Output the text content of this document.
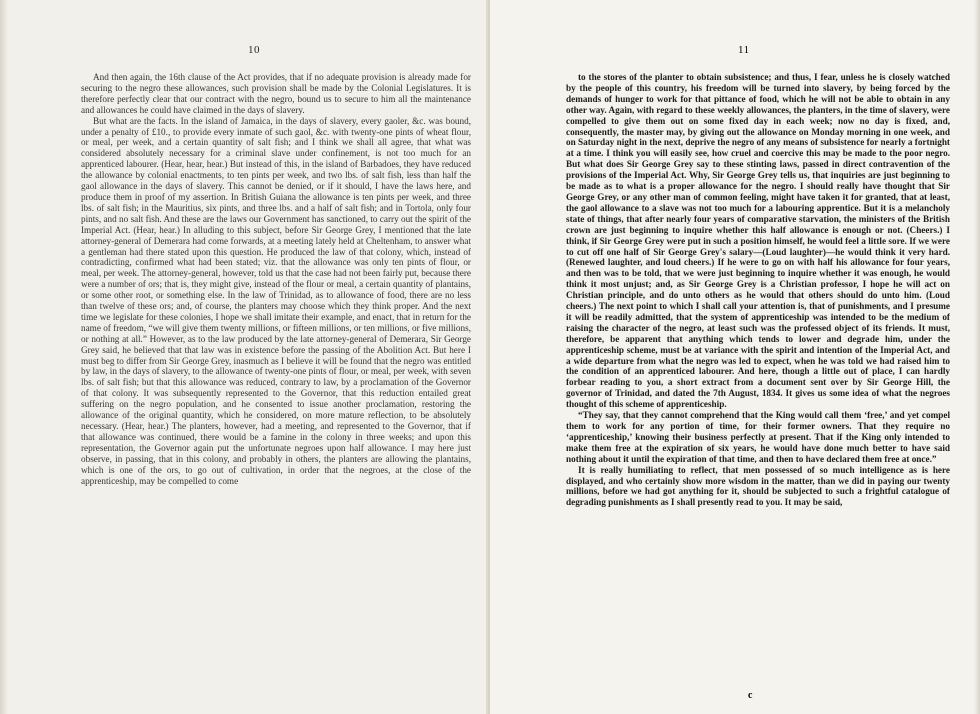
10

And then again, the 16th clause of the Act provides, that if no adequate provision is already made for securing to the negro these allowances, such provision shall be made by the Colonial Legislatures. It is therefore perfectly clear that our contract with the negro, bound us to secure to him all the maintenance and allowances he could have claimed in the days of slavery.

But what are the facts. In the island of Jamaica, in the days of slavery, every gaoler, &c. was bound, under a penalty of £10., to provide every inmate of such gaol, &c. with twenty-one pints of wheat flour, or meal, per week, and a certain quantity of salt fish; and I think we shall all agree, that what was considered absolutely necessary for a criminal slave under confinement, is not too much for an apprenticed labourer. (Hear, hear, hear.) But instead of this, in the island of Barbadoes, they have reduced the allowance by colonial enactments, to ten pints per week, and two lbs. of salt fish, less than half the gaol allowance in the days of slavery. This cannot be denied, or if it should, I have the laws here, and produce them in proof of my assertion. In British Guiana the allowance is ten pints per week, and three lbs. of salt fish; in the Mauritius, six pints, and three lbs. and a half of salt fish; and in Tortola, only four pints, and no salt fish. And these are the laws our Government has sanctioned, to carry out the spirit of the Imperial Act. (Hear, hear.) In alluding to this subject, before Sir George Grey, I mentioned that the late attorney-general of Demerara had come forwards, at a meeting lately held at Cheltenham, to answer what a gentleman had there stated upon this question. He produced the law of that colony, which, instead of contradicting, confirmed what had been stated; viz. that the allowance was only ten pints of flour, or meal, per week. The attorney-general, however, told us that the case had not been fairly put, because there were a number of ors; that is, they might give, instead of the flour or meal, a certain quantity of plantains, or some other root, or something else. In the law of Trinidad, as to allowance of food, there are no less than twelve of these ors; and, of course, the planters may choose which they think proper. And the next time we legislate for these colonies, I hope we shall imitate their example, and enact, that in return for the name of freedom, “we will give them twenty millions, or fifteen millions, or ten millions, or five millions, or nothing at all.” However, as to the law produced by the late attorney-general of Demerara, Sir George Grey said, he believed that that law was in existence before the passing of the Abolition Act. But here I must beg to differ from Sir George Grey, inasmuch as I believe it will be found that the negro was entitled by law, in the days of slavery, to the allowance of twenty-one pints of flour, or meal, per week, with seven lbs. of salt fish; but that this allowance was reduced, contrary to law, by a proclamation of the Governor of that colony. It was subsequently represented to the Governor, that this reduction entailed great suffering on the negro population, and he consented to issue another proclamation, restoring the allowance of the original quantity, which he considered, on more mature reflection, to be absolutely necessary. (Hear, hear.) The planters, however, had a meeting, and represented to the Governor, that if that allowance was continued, there would be a famine in the colony in three weeks; and upon this representation, the Governor again put the unfortunate negroes upon half allowance. I may here just observe, in passing, that in this colony, and probably in others, the planters are allowing the plantains, which is one of the ors, to go out of cultivation, in order that the negroes, at the close of the apprenticeship, may be compelled to come

11

to the stores of the planter to obtain subsistence; and thus, I fear, unless he is closely watched by the people of this country, his freedom will be turned into slavery, by being forced by the demands of hunger to work for that pittance of food, which he will not be able to obtain in any other way. Again, with regard to these weekly allowances, the planters, in the time of slavery, were compelled to give them out on some fixed day in each week; now no day is fixed, and, consequently, the master may, by giving out the allowance on Monday morning in one week, and on Saturday night in the next, deprive the negro of any means of subsistence for nearly a fortnight at a time. I think you will easily see, how cruel and coercive this may be made to the poor negro. But what does Sir George Grey say to these stinting laws, passed in direct contravention of the provisions of the Imperial Act. Why, Sir George Grey tells us, that inquiries are just beginning to be made as to what is a proper allowance for the negro. I should really have thought that Sir George Grey, or any other man of common feeling, might have taken it for granted, that at least, the gaol allowance to a slave was not too much for a labouring apprentice. But it is a melancholy state of things, that after nearly four years of comparative starvation, the ministers of the British crown are just beginning to inquire whether this half allowance is enough or not. (Cheers.) I think, if Sir George Grey were put in such a position himself, he would feel a little sore. If we were to cut off one half of Sir George Grey's salary—(Loud laughter)—he would think it very hard. (Renewed laughter, and loud cheers.) If he were to go on with half his allowance for four years, and then was to be told, that we were just beginning to inquire whether it was enough, he would think it most unjust; and, as Sir George Grey is a Christian professor, I hope he will act on Christian principle, and do unto others as he would that others should do unto him. (Loud cheers.) The next point to which I shall call your attention is, that of punishments, and I presume it will be readily admitted, that the system of apprenticeship was intended to be the medium of raising the character of the negro, at least such was the professed object of its friends. It must, therefore, be apparent that anything which tends to lower and degrade him, under the apprenticeship scheme, must be at variance with the spirit and intention of the Imperial Act, and a wide departure from what the negro was led to expect, when he was told we had raised him to the condition of an apprenticed labourer. And here, though a little out of place, I can hardly forbear reading to you, a short extract from a document sent over by Sir George Hill, the governor of Trinidad, and dated the 7th August, 1834. It gives us some idea of what the negroes thought of this scheme of apprenticeship.

“They say, that they cannot comprehend that the King would call them ‘free,’ and yet compel them to work for any portion of time, for their former owners. That they require no ‘apprenticeship,’ knowing their business perfectly at present. That if the King only intended to make them free at the expiration of six years, he would have done much better to have said nothing about it until the expiration of that time, and then to have declared them free at once.”

It is really humiliating to reflect, that men possessed of so much intelligence as is here displayed, and who certainly show more wisdom in the matter, than we did in paying our twenty millions, before we had got anything for it, should be subjected to such a frightful catalogue of degrading punishments as I shall presently read to you. It may be said,

c
